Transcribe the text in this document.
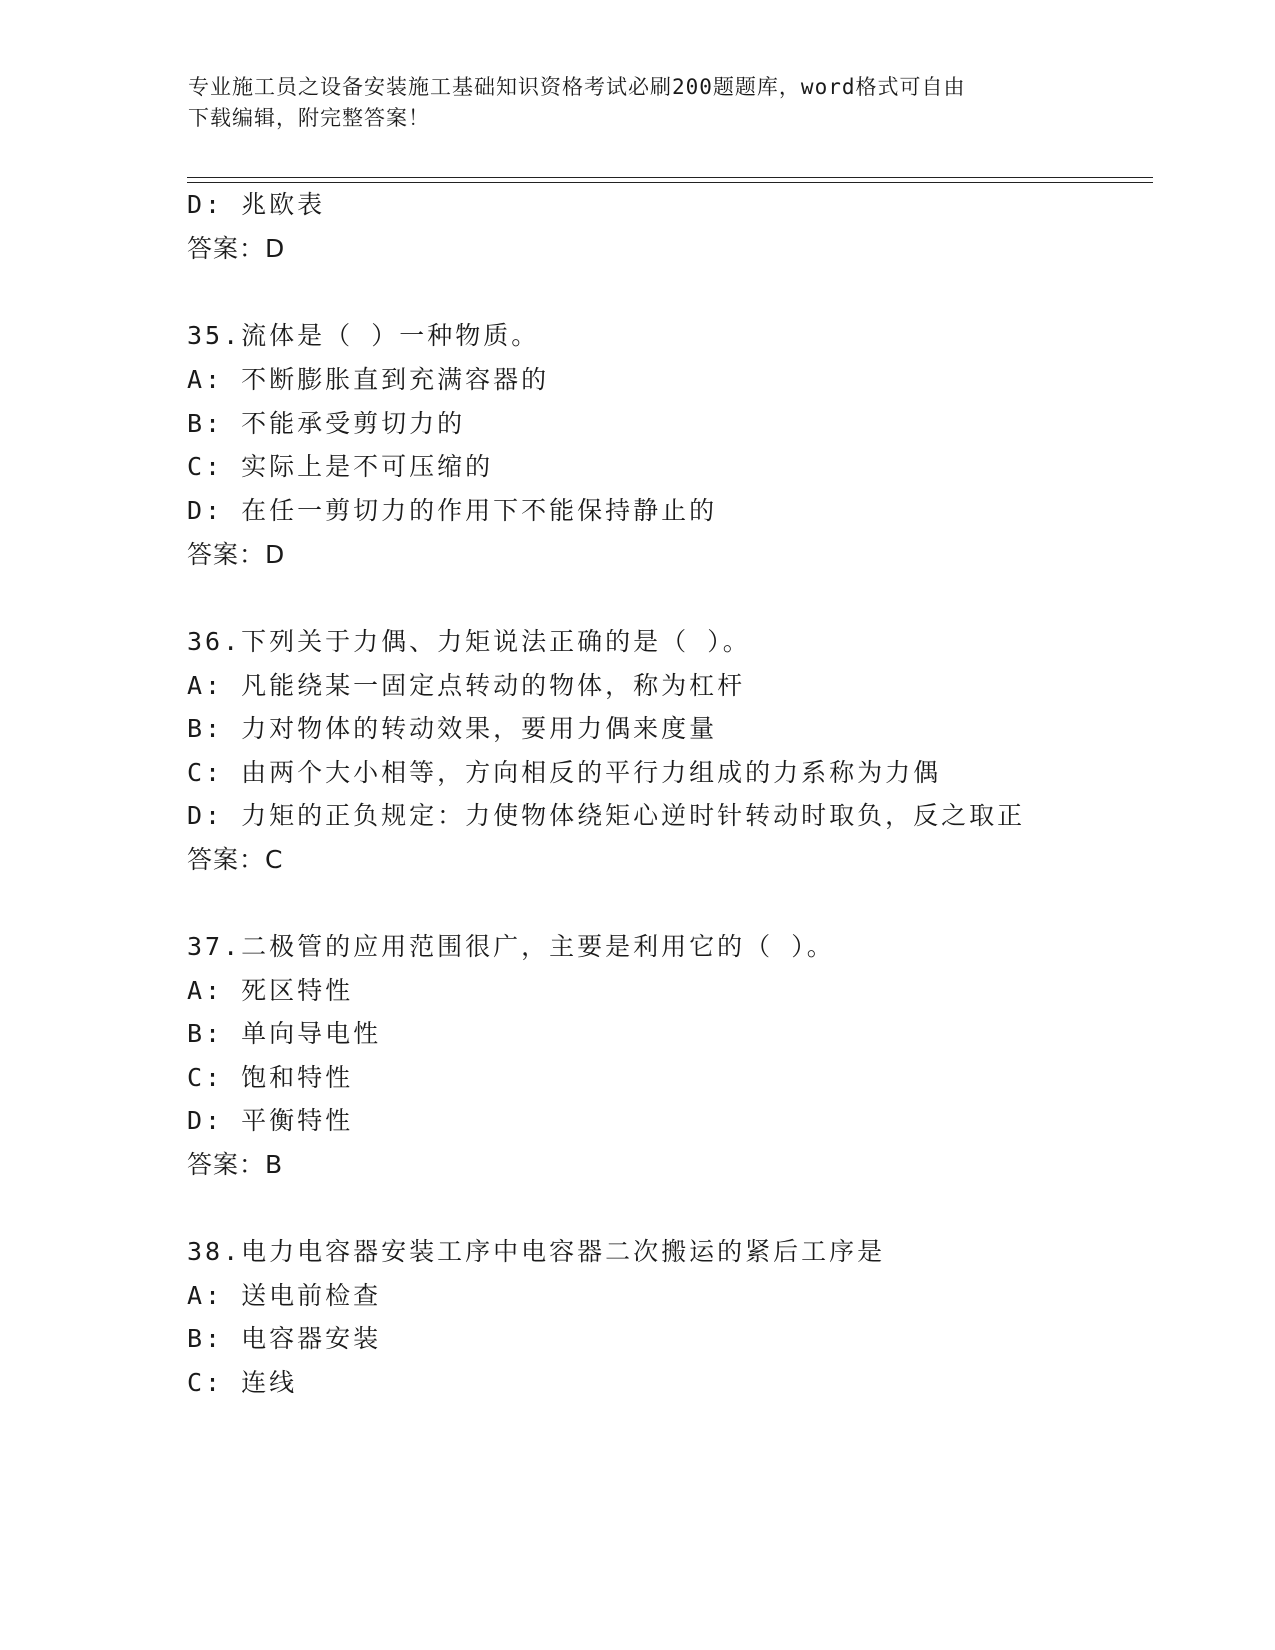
专业施工员之设备安装施工基础知识资格考试必刷200题题库，word格式可自由
下载编辑，附完整答案！
D: 兆欧表
答案：D
35.流体是（ ）一种物质。
A: 不断膨胀直到充满容器的
B: 不能承受剪切力的
C: 实际上是不可压缩的
D: 在任一剪切力的作用下不能保持静止的
答案：D
36.下列关于力偶、力矩说法正确的是（ ）。
A: 凡能绕某一固定点转动的物体，称为杠杆
B: 力对物体的转动效果，要用力偶来度量
C: 由两个大小相等，方向相反的平行力组成的力系称为力偶
D: 力矩的正负规定：力使物体绕矩心逆时针转动时取负，反之取正
答案：C
37.二极管的应用范围很广，主要是利用它的（ ）。
A: 死区特性
B: 单向导电性
C: 饱和特性
D: 平衡特性
答案：B
38.电力电容器安装工序中电容器二次搬运的紧后工序是
A: 送电前检查
B: 电容器安装
C: 连线
